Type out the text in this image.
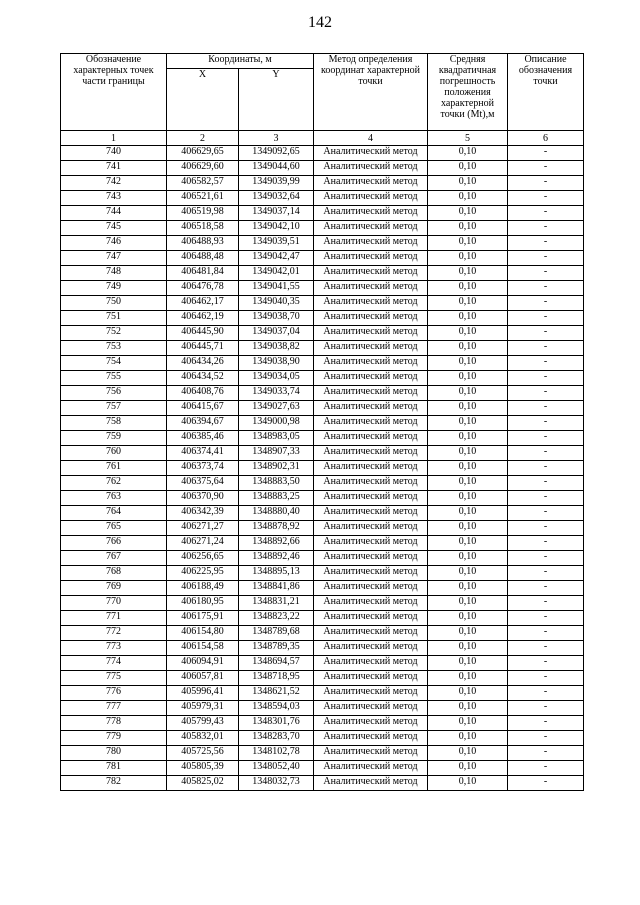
142
Обозначение характерных точек части границы	Координаты, м		Метод определения координат характерной точки	Средняя квадратичная погрешность положения характерной точки (Mt),м	Описание обозначения точки
	X	Y			
1	2	3	4	5	6
740	406629,65	1349092,65	Аналитический метод	0,10	-
741	406629,60	1349044,60	Аналитический метод	0,10	-
742	406582,57	1349039,99	Аналитический метод	0,10	-
743	406521,61	1349032,64	Аналитический метод	0,10	-
744	406519,98	1349037,14	Аналитический метод	0,10	-
745	406518,58	1349042,10	Аналитический метод	0,10	-
746	406488,93	1349039,51	Аналитический метод	0,10	-
747	406488,48	1349042,47	Аналитический метод	0,10	-
748	406481,84	1349042,01	Аналитический метод	0,10	-
749	406476,78	1349041,55	Аналитический метод	0,10	-
750	406462,17	1349040,35	Аналитический метод	0,10	-
751	406462,19	1349038,70	Аналитический метод	0,10	-
752	406445,90	1349037,04	Аналитический метод	0,10	-
753	406445,71	1349038,82	Аналитический метод	0,10	-
754	406434,26	1349038,90	Аналитический метод	0,10	-
755	406434,52	1349034,05	Аналитический метод	0,10	-
756	406408,76	1349033,74	Аналитический метод	0,10	-
757	406415,67	1349027,63	Аналитический метод	0,10	-
758	406394,67	1349000,98	Аналитический метод	0,10	-
759	406385,46	1348983,05	Аналитический метод	0,10	-
760	406374,41	1348907,33	Аналитический метод	0,10	-
761	406373,74	1348902,31	Аналитический метод	0,10	-
762	406375,64	1348883,50	Аналитический метод	0,10	-
763	406370,90	1348883,25	Аналитический метод	0,10	-
764	406342,39	1348880,40	Аналитический метод	0,10	-
765	406271,27	1348878,92	Аналитический метод	0,10	-
766	406271,24	1348892,66	Аналитический метод	0,10	-
767	406256,65	1348892,46	Аналитический метод	0,10	-
768	406225,95	1348895,13	Аналитический метод	0,10	-
769	406188,49	1348841,86	Аналитический метод	0,10	-
770	406180,95	1348831,21	Аналитический метод	0,10	-
771	406175,91	1348823,22	Аналитический метод	0,10	-
772	406154,80	1348789,68	Аналитический метод	0,10	-
773	406154,58	1348789,35	Аналитический метод	0,10	-
774	406094,91	1348694,57	Аналитический метод	0,10	-
775	406057,81	1348718,95	Аналитический метод	0,10	-
776	405996,41	1348621,52	Аналитический метод	0,10	-
777	405979,31	1348594,03	Аналитический метод	0,10	-
778	405799,43	1348301,76	Аналитический метод	0,10	-
779	405832,01	1348283,70	Аналитический метод	0,10	-
780	405725,56	1348102,78	Аналитический метод	0,10	-
781	405805,39	1348052,40	Аналитический метод	0,10	-
782	405825,02	1348032,73	Аналитический метод	0,10	-
